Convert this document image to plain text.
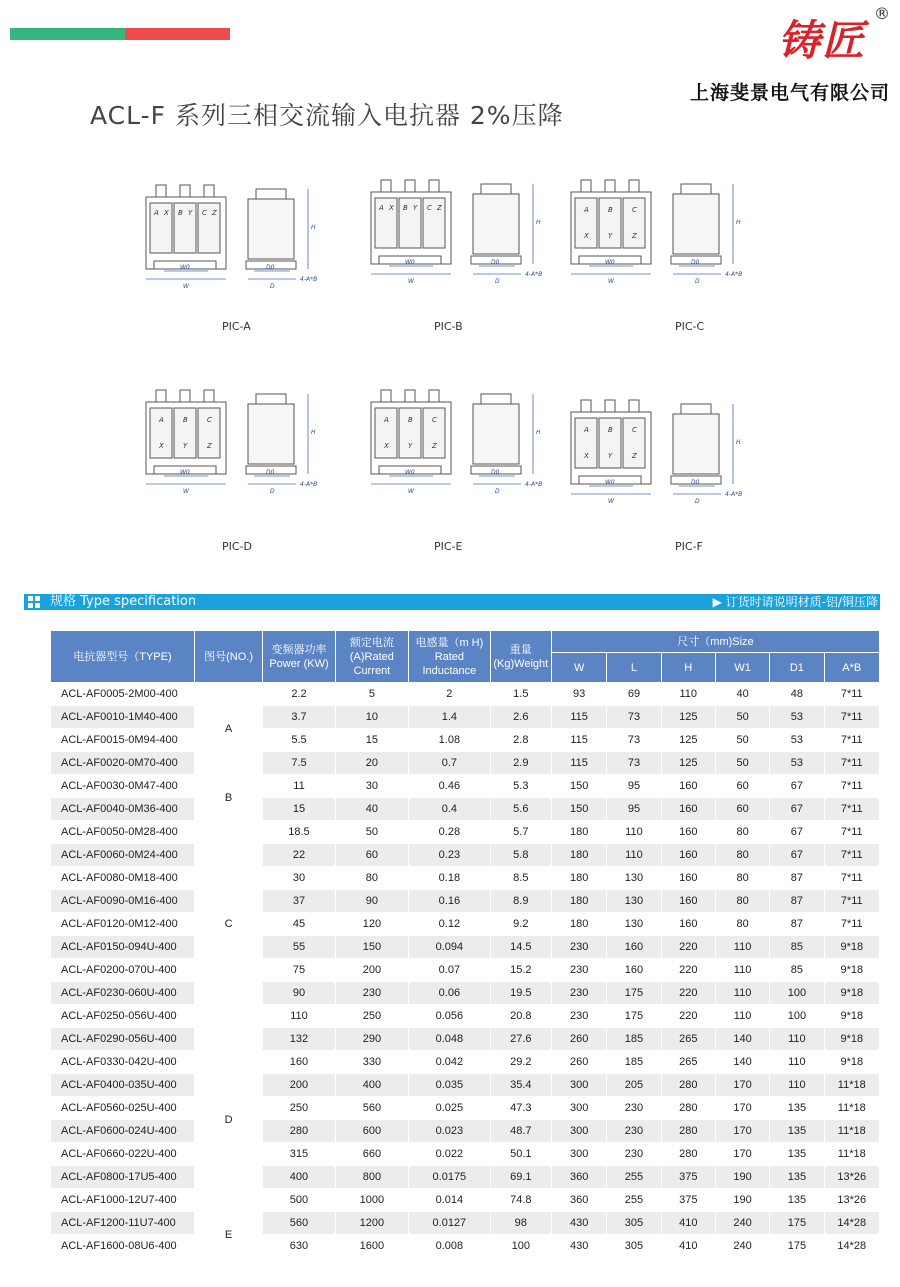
铸匠
®
上海斐景电气有限公司
ACL-F 系列三相交流输入电抗器 2%压降
A X B Y C Z
W0
W
H
D0
D
4-A*B
PIC-A
A X B Y C Z
W0
W
H
D0
D
4-A*B
PIC-B
A	B	C
X	Y	Z
W0
W
H
D0
D
4-A*B
PIC-C
A	B	C
X	Y	Z
W
W0
H
D0
D
4-A*B
PIC-D
A	B	C
X	Y	Z
W
W0
H
D0
D
4-A*B
PIC-E
A	B	C
X	Y	Z
W
W0
H
D0
D
4-A*B
PIC-F
规格 Type specification	▶ 订货时请说明材质-铝/铜压降
电抗器型号（TYPE)	图号(NO.)	变频器功率 Power (KW)	额定电流 (A)Rated Current	电感量（m H) Rated Inductance	重量 (Kg)Weight	尺寸（mm)Size					
						W	L	H	W1	D1	A*B
ACL-AF0005-2M00-400	A	2.2	5	2	1.5	93	69	110	40	48	7*11
ACL-AF0010-1M40-400		3.7	10	1.4	2.6	115	73	125	50	53	7*11
ACL-AF0015-0M94-400		5.5	15	1.08	2.8	115	73	125	50	53	7*11
ACL-AF0020-0M70-400		7.5	20	0.7	2.9	115	73	125	50	53	7*11
ACL-AF0030-0M47-400	B	11	30	0.46	5.3	150	95	160	60	67	7*11
ACL-AF0040-0M36-400		15	40	0.4	5.6	150	95	160	60	67	7*11
ACL-AF0050-0M28-400	C	18.5	50	0.28	5.7	180	110	160	80	67	7*11
ACL-AF0060-0M24-400		22	60	0.23	5.8	180	110	160	80	67	7*11
ACL-AF0080-0M18-400		30	80	0.18	8.5	180	130	160	80	87	7*11
ACL-AF0090-0M16-400		37	90	0.16	8.9	180	130	160	80	87	7*11
ACL-AF0120-0M12-400		45	120	0.12	9.2	180	130	160	80	87	7*11
ACL-AF0150-094U-400		55	150	0.094	14.5	230	160	220	110	85	9*18
ACL-AF0200-070U-400		75	200	0.07	15.2	230	160	220	110	85	9*18
ACL-AF0230-060U-400		90	230	0.06	19.5	230	175	220	110	100	9*18
ACL-AF0250-056U-400		110	250	0.056	20.8	230	175	220	110	100	9*18
ACL-AF0290-056U-400	D	132	290	0.048	27.6	260	185	265	140	110	9*18
ACL-AF0330-042U-400		160	330	0.042	29.2	260	185	265	140	110	9*18
ACL-AF0400-035U-400		200	400	0.035	35.4	300	205	280	170	110	11*18
ACL-AF0560-025U-400		250	560	0.025	47.3	300	230	280	170	135	11*18
ACL-AF0600-024U-400		280	600	0.023	48.7	300	230	280	170	135	11*18
ACL-AF0660-022U-400		315	660	0.022	50.1	300	230	280	170	135	11*18
ACL-AF0800-17U5-400		400	800	0.0175	69.1	360	255	375	190	135	13*26
ACL-AF1000-12U7-400		500	1000	0.014	74.8	360	255	375	190	135	13*26
ACL-AF1200-11U7-400	E	560	1200	0.0127	98	430	305	410	240	175	14*28
ACL-AF1600-08U6-400		630	1600	0.008	100	430	305	410	240	175	14*28
